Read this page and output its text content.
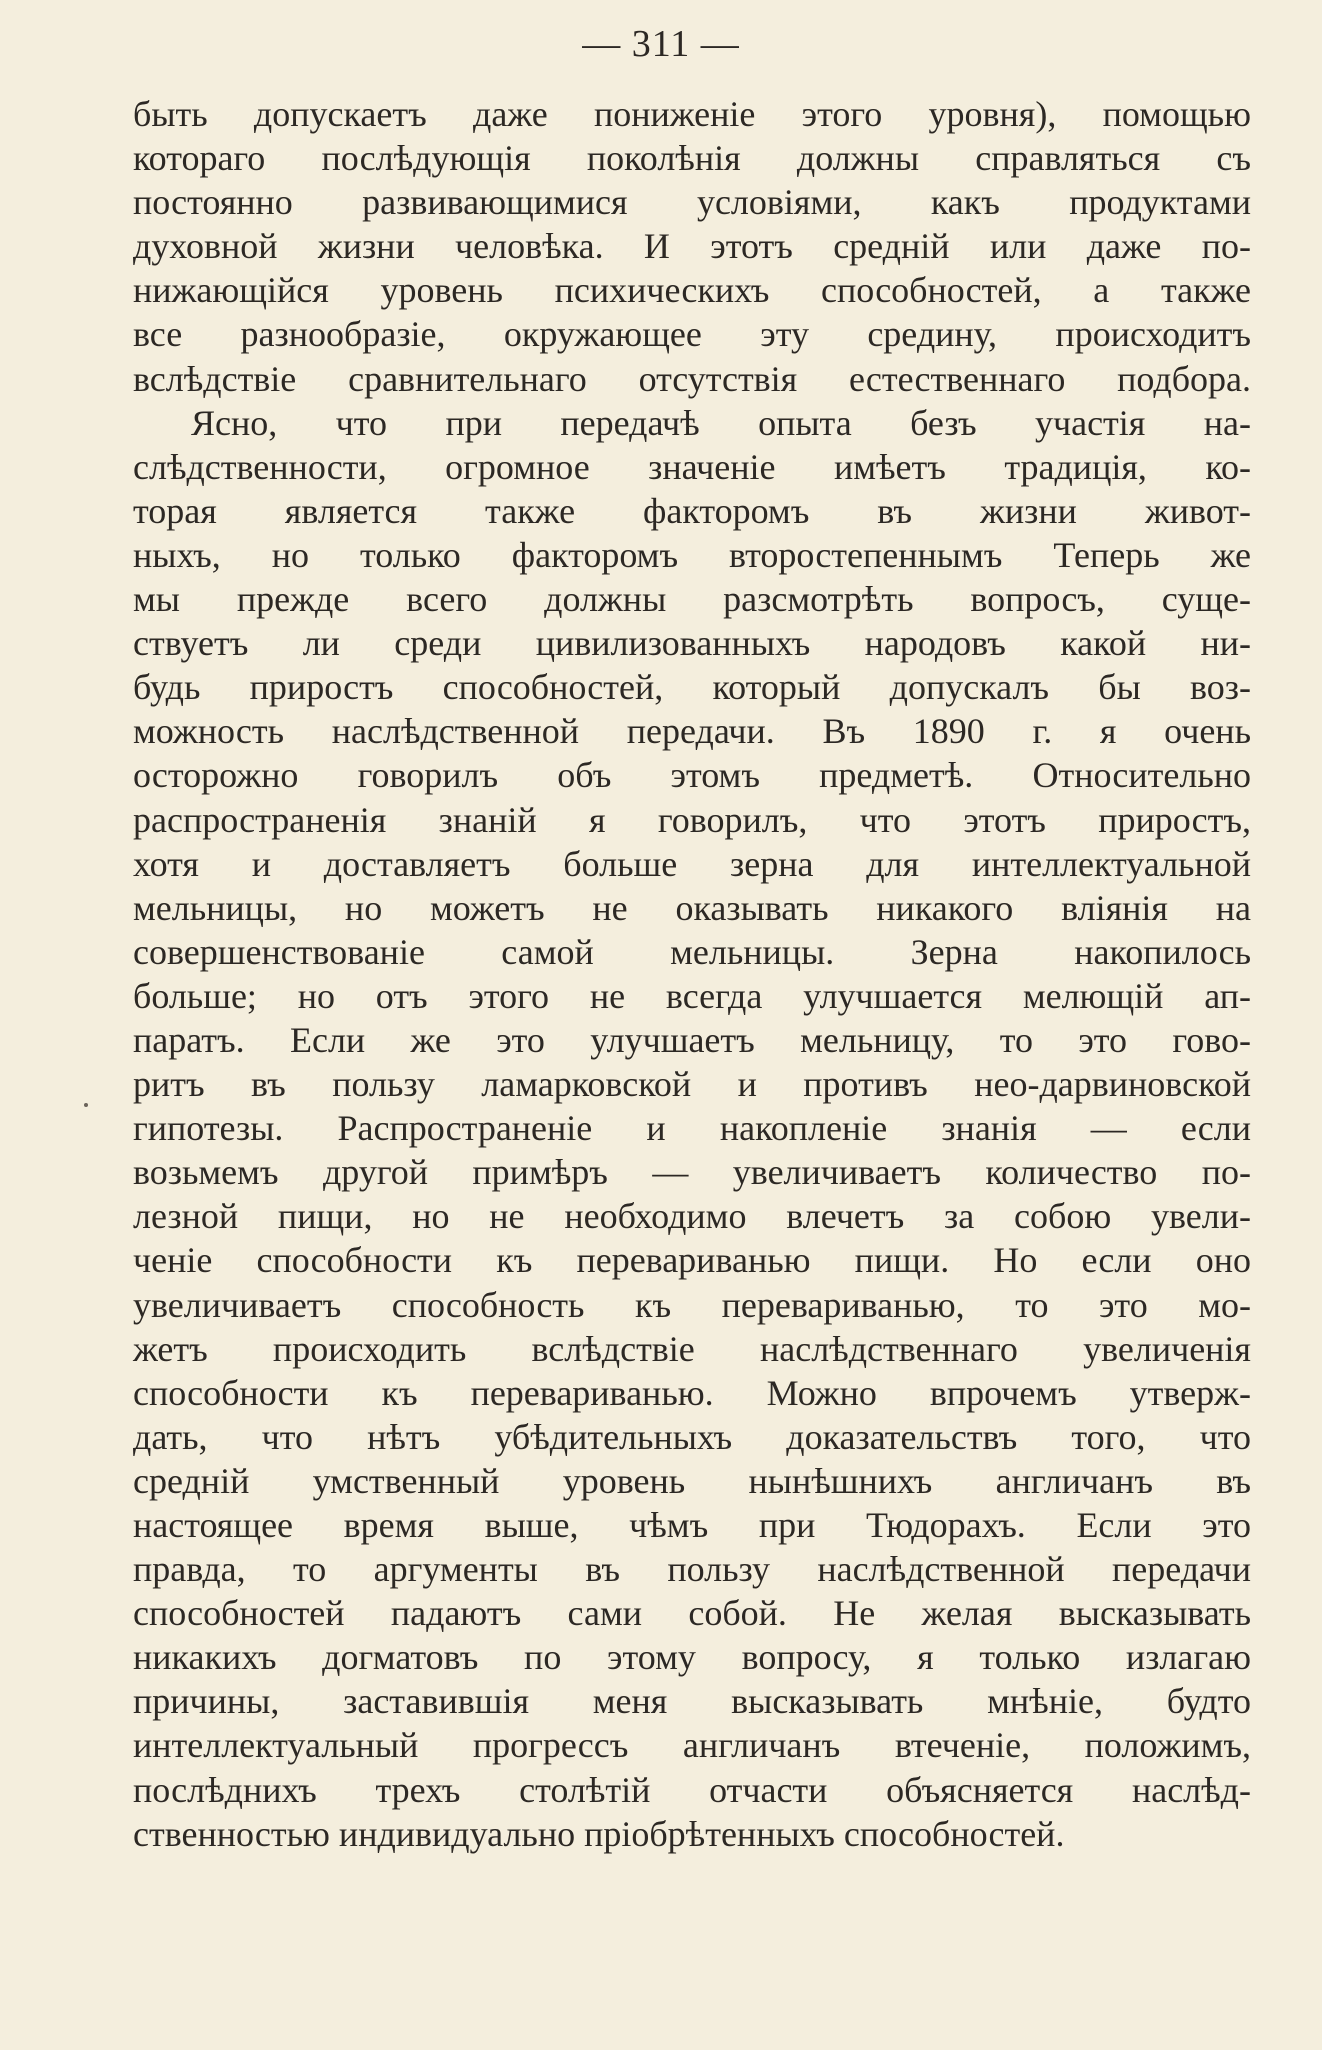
— 311 —
быть допускаетъ даже пониженіе этого уровня), помощью
котораго послѣдующія поколѣнія должны справляться съ
постоянно развивающимися условіями, какъ продуктами
духовной жизни человѣка. И этотъ среднiй или даже по-
нижающійся уровень психическихъ способностей, а также
все разнообразіе, окружающее эту средину, происходитъ
вслѣдствіе сравнительнаго отсутствія естественнаго подбора.
Ясно, что при передачѣ опыта безъ участія на-
слѣдственности, огромное значеніе имѣетъ традиція, ко-
торая является также факторомъ въ жизни живот-
ныхъ, но только факторомъ второстепеннымъ Теперь же
мы прежде всего должны разсмотрѣть вопросъ, суще-
ствуетъ ли среди цивилизованныхъ народовъ какой ни-
будь приростъ способностей, который допускалъ бы воз-
можность наслѣдственной передачи. Въ 1890 г. я очень
осторожно говорилъ объ этомъ предметѣ. Относительно
распространенія знаній я говорилъ, что этотъ приростъ,
хотя и доставляетъ больше зерна для интеллектуальной
мельницы, но можетъ не оказывать никакого вліянія на
совершенствованіе самой мельницы. Зерна накопилось
больше; но отъ этого не всегда улучшается мелющій ап-
паратъ. Если же это улучшаетъ мельницу, то это гово-
ритъ въ пользу ламарковской и противъ нео-дарвиновской
гипотезы. Распространеніе и накопленіе знанія — если
возьмемъ другой примѣръ — увеличиваетъ количество по-
лезной пищи, но не необходимо влечетъ за собою увели-
ченіе способности къ перевариванью пищи. Но если оно
увеличиваетъ способность къ перевариванью, то это мо-
жетъ происходить вслѣдствіе наслѣдственнаго увеличенія
способности къ перевариванью. Можно впрочемъ утверж-
дать, что нѣтъ убѣдительныхъ доказательствъ того, что
среднiй умственный уровень нынѣшнихъ англичанъ въ
настоящее время выше, чѣмъ при Тюдорахъ. Если это
правда, то аргументы въ пользу наслѣдственной передачи
способностей падаютъ сами собой. Не желая высказывать
никакихъ догматовъ по этому вопросу, я только излагаю
причины, заставившія меня высказывать мнѣніе, будто
интеллектуальный прогрессъ англичанъ втеченіе, положимъ,
послѣднихъ трехъ столѣтій отчасти объясняется наслѣд-
ственностью индивидуально пріобрѣтенныхъ способностей.
